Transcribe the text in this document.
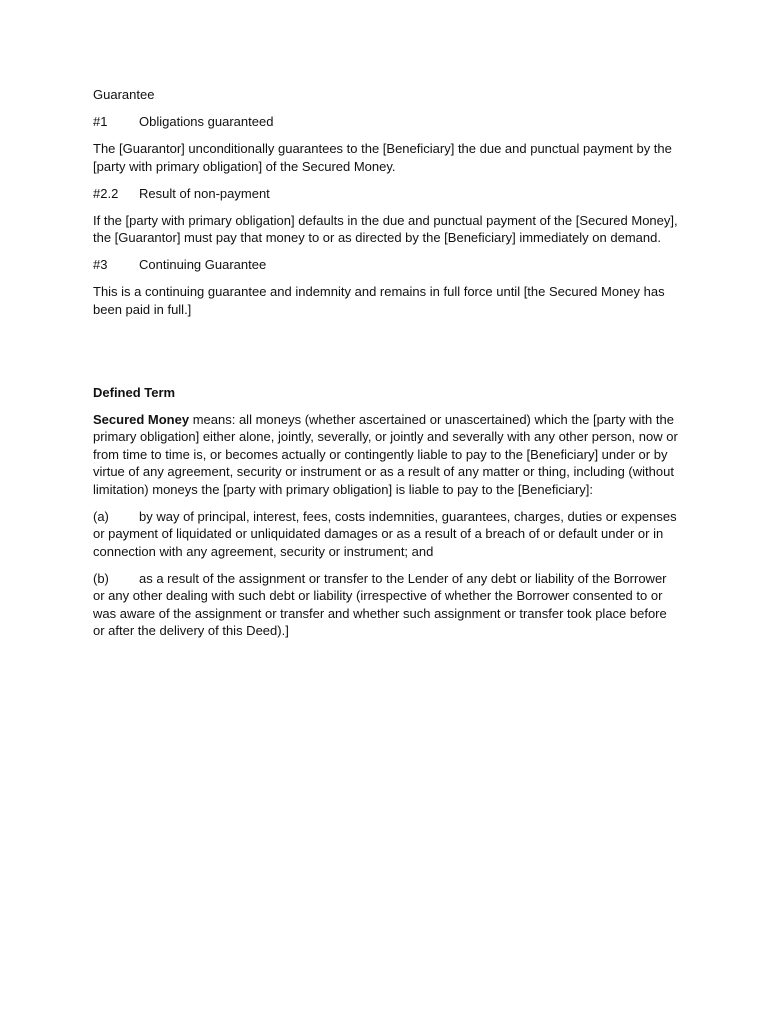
Guarantee

#1 Obligations guaranteed

The [Guarantor] unconditionally guarantees to the [Beneficiary] the due and punctual payment by the [party with primary obligation] of the Secured Money.

#2.2 Result of non-payment

If the [party with primary obligation] defaults in the due and punctual payment of the [Secured Money], the [Guarantor] must pay that money to or as directed by the [Beneficiary] immediately on demand.

#3 Continuing Guarantee

This is a continuing guarantee and indemnity and remains in full force until [the Secured Money has been paid in full.]

Defined Term

Secured Money means: all moneys (whether ascertained or unascertained) which the [party with the primary obligation] either alone, jointly, severally, or jointly and severally with any other person, now or from time to time is, or becomes actually or contingently liable to pay to the [Beneficiary] under or by virtue of any agreement, security or instrument or as a result of any matter or thing, including (without limitation) moneys the [party with primary obligation] is liable to pay to the [Beneficiary]:

(a) by way of principal, interest, fees, costs indemnities, guarantees, charges, duties or expenses or payment of liquidated or unliquidated damages or as a result of a breach of or default under or in connection with any agreement, security or instrument; and

(b) as a result of the assignment or transfer to the Lender of any debt or liability of the Borrower or any other dealing with such debt or liability (irrespective of whether the Borrower consented to or was aware of the assignment or transfer and whether such assignment or transfer took place before or after the delivery of this Deed).]
